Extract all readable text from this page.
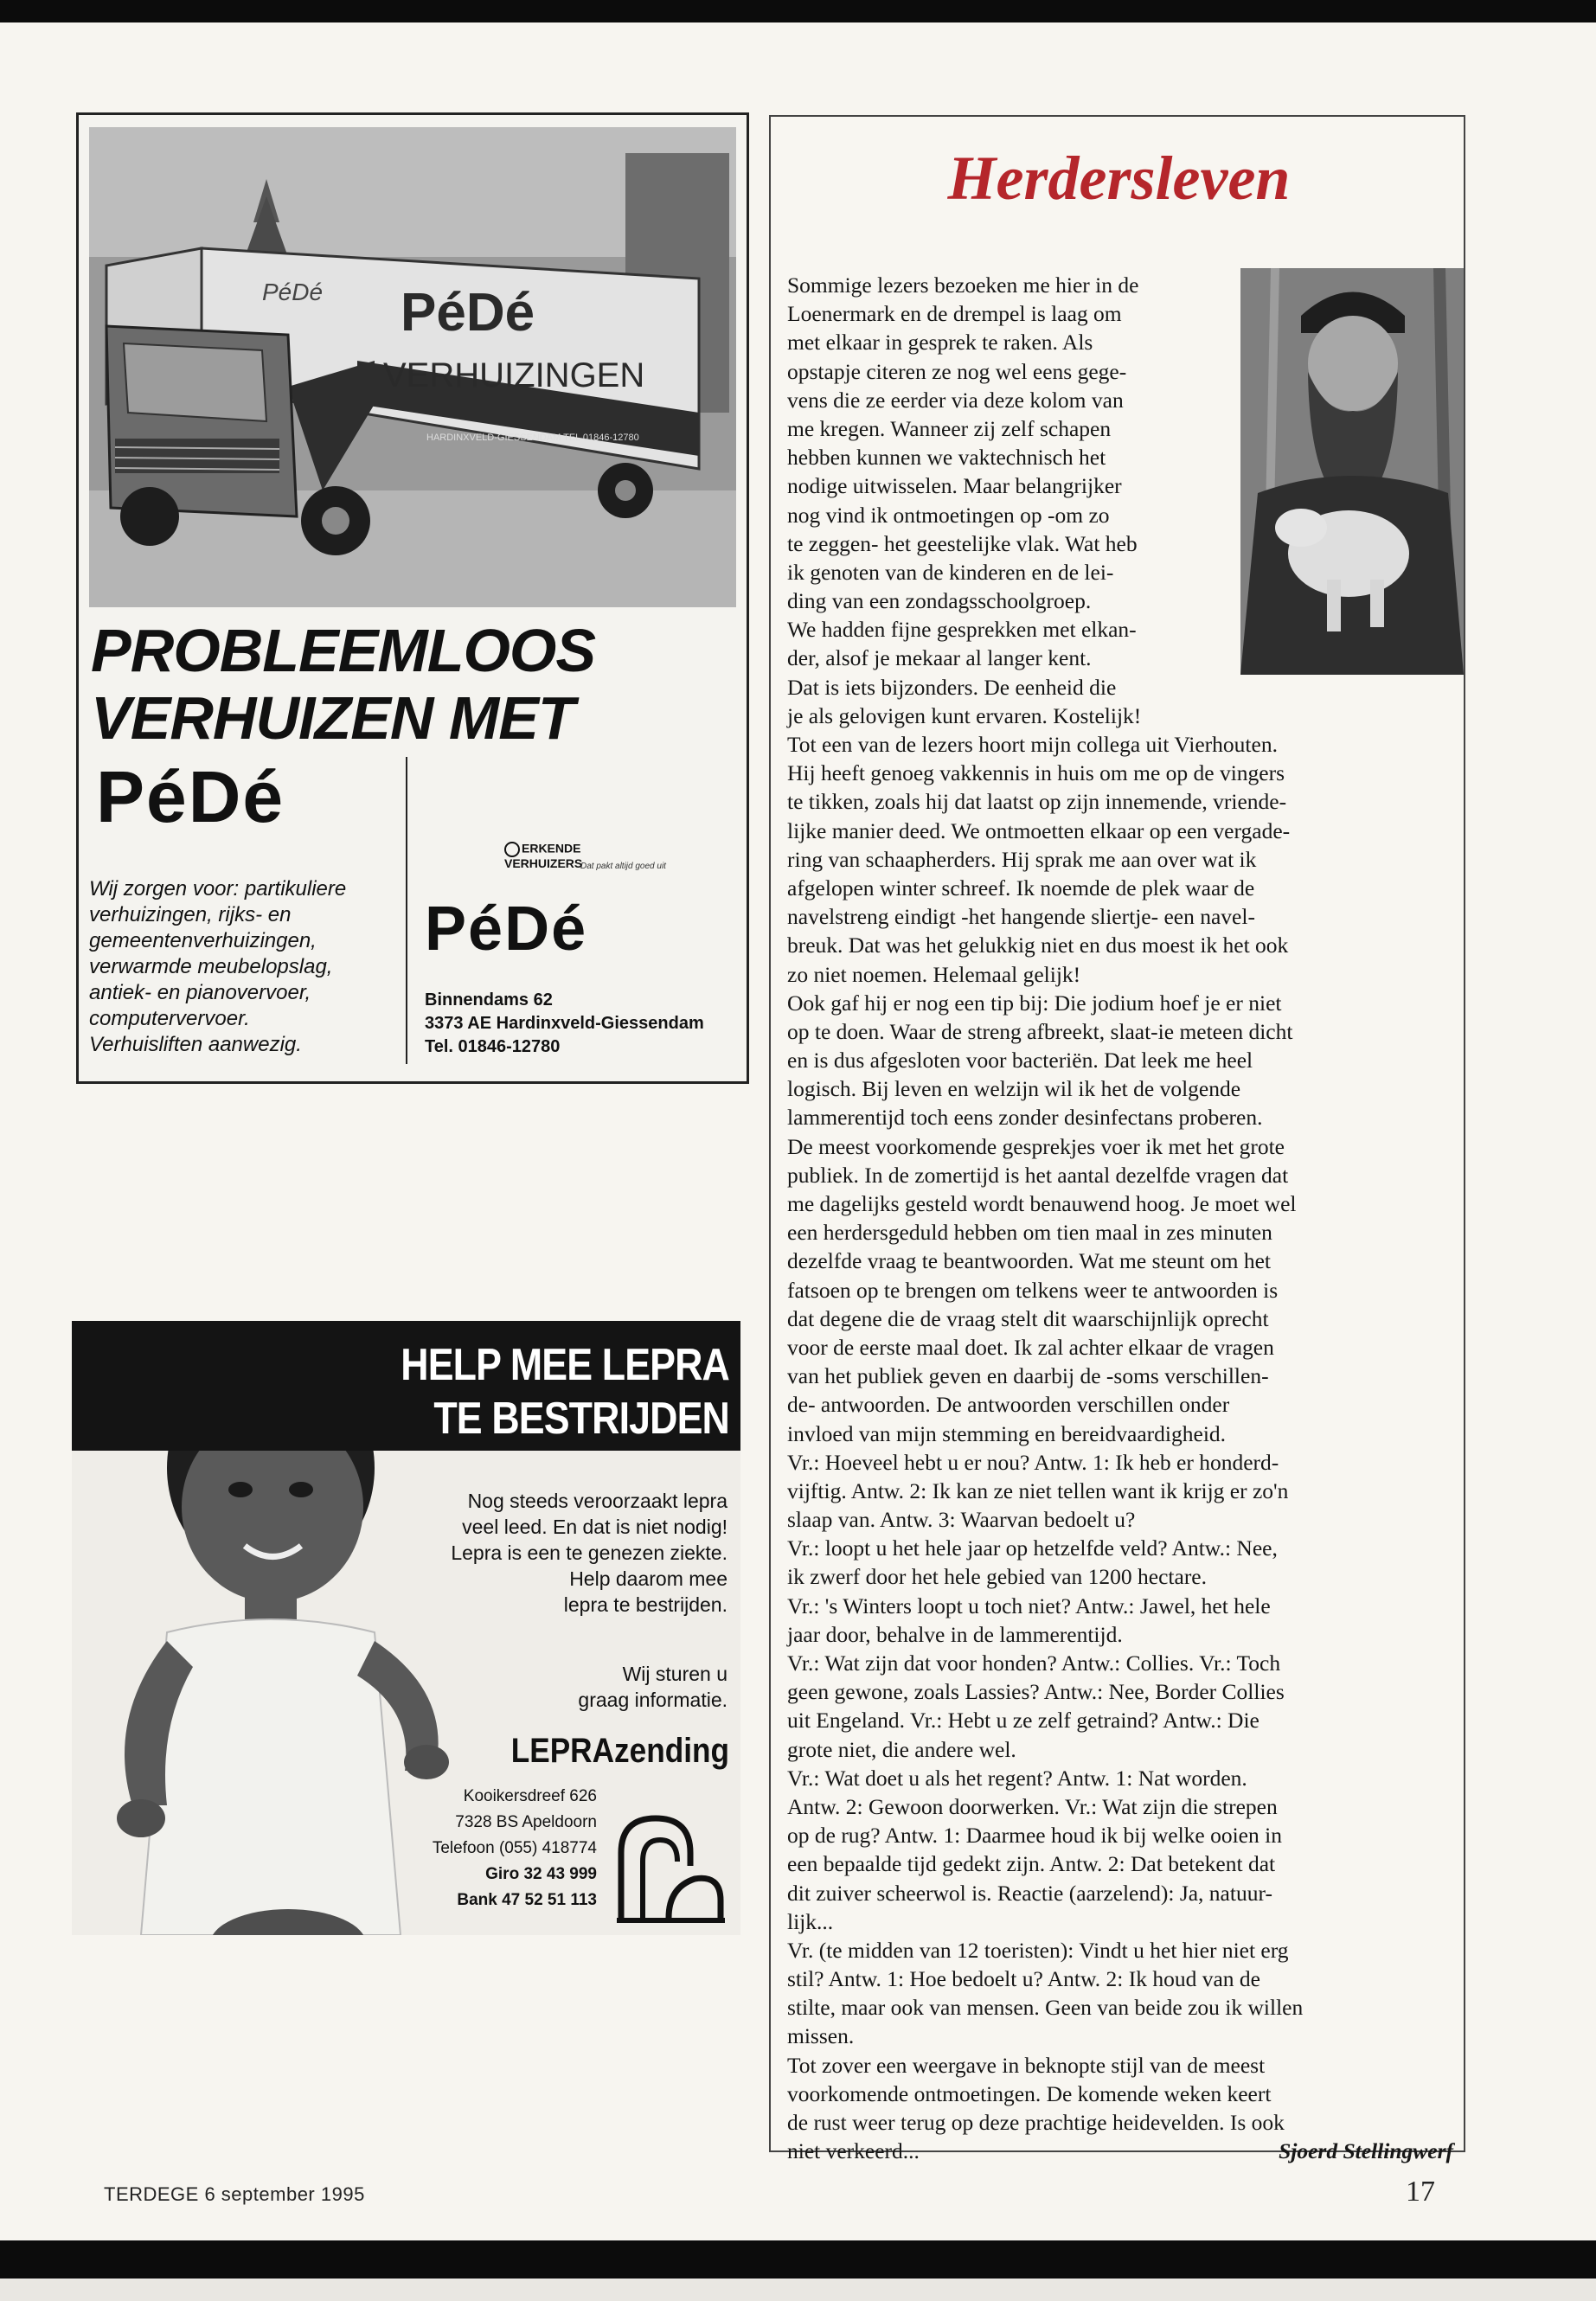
PéDé
VERHUIZINGEN
PéDé
HARDINXVELD-GIESSENDAM TEL 01846-12780
PROBLEEMLOOS
VERHUIZEN MET
PéDé
Wij zorgen voor: partikuliere
verhuizingen, rijks- en
gemeentenverhuizingen,
verwarmde meubelopslag,
antiek- en pianovervoer,
computervervoer.
Verhuisliften aanwezig.
ERKENDE
VERHUIZERS
Dat pakt altijd goed uit
PéDé
Binnendams 62
3373 AE Hardinxveld-Giessendam
Tel. 01846-12780
HELP MEE LEPRA
TE BESTRIJDEN
Nog steeds veroorzaakt lepra
veel leed. En dat is niet nodig!
Lepra is een te genezen ziekte.
Help daarom mee
lepra te bestrijden.
Wij sturen u
graag informatie.
LEPRAzending
Kooikersdreef 626
7328 BS Apeldoorn
Telefoon (055) 418774
Giro 32 43 999
Bank 47 52 51 113
Herdersleven
Sommige lezers bezoeken me hier in de
Loenermark en de drempel is laag om
met elkaar in gesprek te raken. Als
opstapje citeren ze nog wel eens gege-
vens die ze eerder via deze kolom van
me kregen. Wanneer zij zelf schapen
hebben kunnen we vaktechnisch het
nodige uitwisselen. Maar belangrijker
nog vind ik ontmoetingen op -om zo
te zeggen- het geestelijke vlak. Wat heb
ik genoten van de kinderen en de lei-
ding van een zondagsschoolgroep.
We hadden fijne gesprekken met elkan-
der, alsof je mekaar al langer kent.
Dat is iets bijzonders. De eenheid die
je als gelovigen kunt ervaren. Kostelijk!
Tot een van de lezers hoort mijn collega uit Vierhouten.
Hij heeft genoeg vakkennis in huis om me op de vingers
te tikken, zoals hij dat laatst op zijn innemende, vriende-
lijke manier deed. We ontmoetten elkaar op een vergade-
ring van schaapherders. Hij sprak me aan over wat ik
afgelopen winter schreef. Ik noemde de plek waar de
navelstreng eindigt -het hangende sliertje- een navel-
breuk. Dat was het gelukkig niet en dus moest ik het ook
zo niet noemen. Helemaal gelijk!
Ook gaf hij er nog een tip bij: Die jodium hoef je er niet
op te doen. Waar de streng afbreekt, slaat-ie meteen dicht
en is dus afgesloten voor bacteriën. Dat leek me heel
logisch. Bij leven en welzijn wil ik het de volgende
lammerentijd toch eens zonder desinfectans proberen.
De meest voorkomende gesprekjes voer ik met het grote
publiek. In de zomertijd is het aantal dezelfde vragen dat
me dagelijks gesteld wordt benauwend hoog. Je moet wel
een herdersgeduld hebben om tien maal in zes minuten
dezelfde vraag te beantwoorden. Wat me steunt om het
fatsoen op te brengen om telkens weer te antwoorden is
dat degene die de vraag stelt dit waarschijnlijk oprecht
voor de eerste maal doet. Ik zal achter elkaar de vragen
van het publiek geven en daarbij de -soms verschillen-
de- antwoorden. De antwoorden verschillen onder
invloed van mijn stemming en bereidvaardigheid.
Vr.: Hoeveel hebt u er nou? Antw. 1: Ik heb er honderd-
vijftig. Antw. 2: Ik kan ze niet tellen want ik krijg er zo'n
slaap van. Antw. 3: Waarvan bedoelt u?
Vr.: loopt u het hele jaar op hetzelfde veld? Antw.: Nee,
ik zwerf door het hele gebied van 1200 hectare.
Vr.: 's Winters loopt u toch niet? Antw.: Jawel, het hele
jaar door, behalve in de lammerentijd.
Vr.: Wat zijn dat voor honden? Antw.: Collies. Vr.: Toch
geen gewone, zoals Lassies? Antw.: Nee, Border Collies
uit Engeland. Vr.: Hebt u ze zelf getraind? Antw.: Die
grote niet, die andere wel.
Vr.: Wat doet u als het regent? Antw. 1: Nat worden.
Antw. 2: Gewoon doorwerken. Vr.: Wat zijn die strepen
op de rug? Antw. 1: Daarmee houd ik bij welke ooien in
een bepaalde tijd gedekt zijn. Antw. 2: Dat betekent dat
dit zuiver scheerwol is. Reactie (aarzelend): Ja, natuur-
lijk...
Vr. (te midden van 12 toeristen): Vindt u het hier niet erg
stil? Antw. 1: Hoe bedoelt u? Antw. 2: Ik houd van de
stilte, maar ook van mensen. Geen van beide zou ik willen
missen.
Tot zover een weergave in beknopte stijl van de meest
voorkomende ontmoetingen. De komende weken keert
de rust weer terug op deze prachtige heidevelden. Is ook
niet verkeerd...	Sjoerd Stellingwerf
TERDEGE 6 september 1995	17
